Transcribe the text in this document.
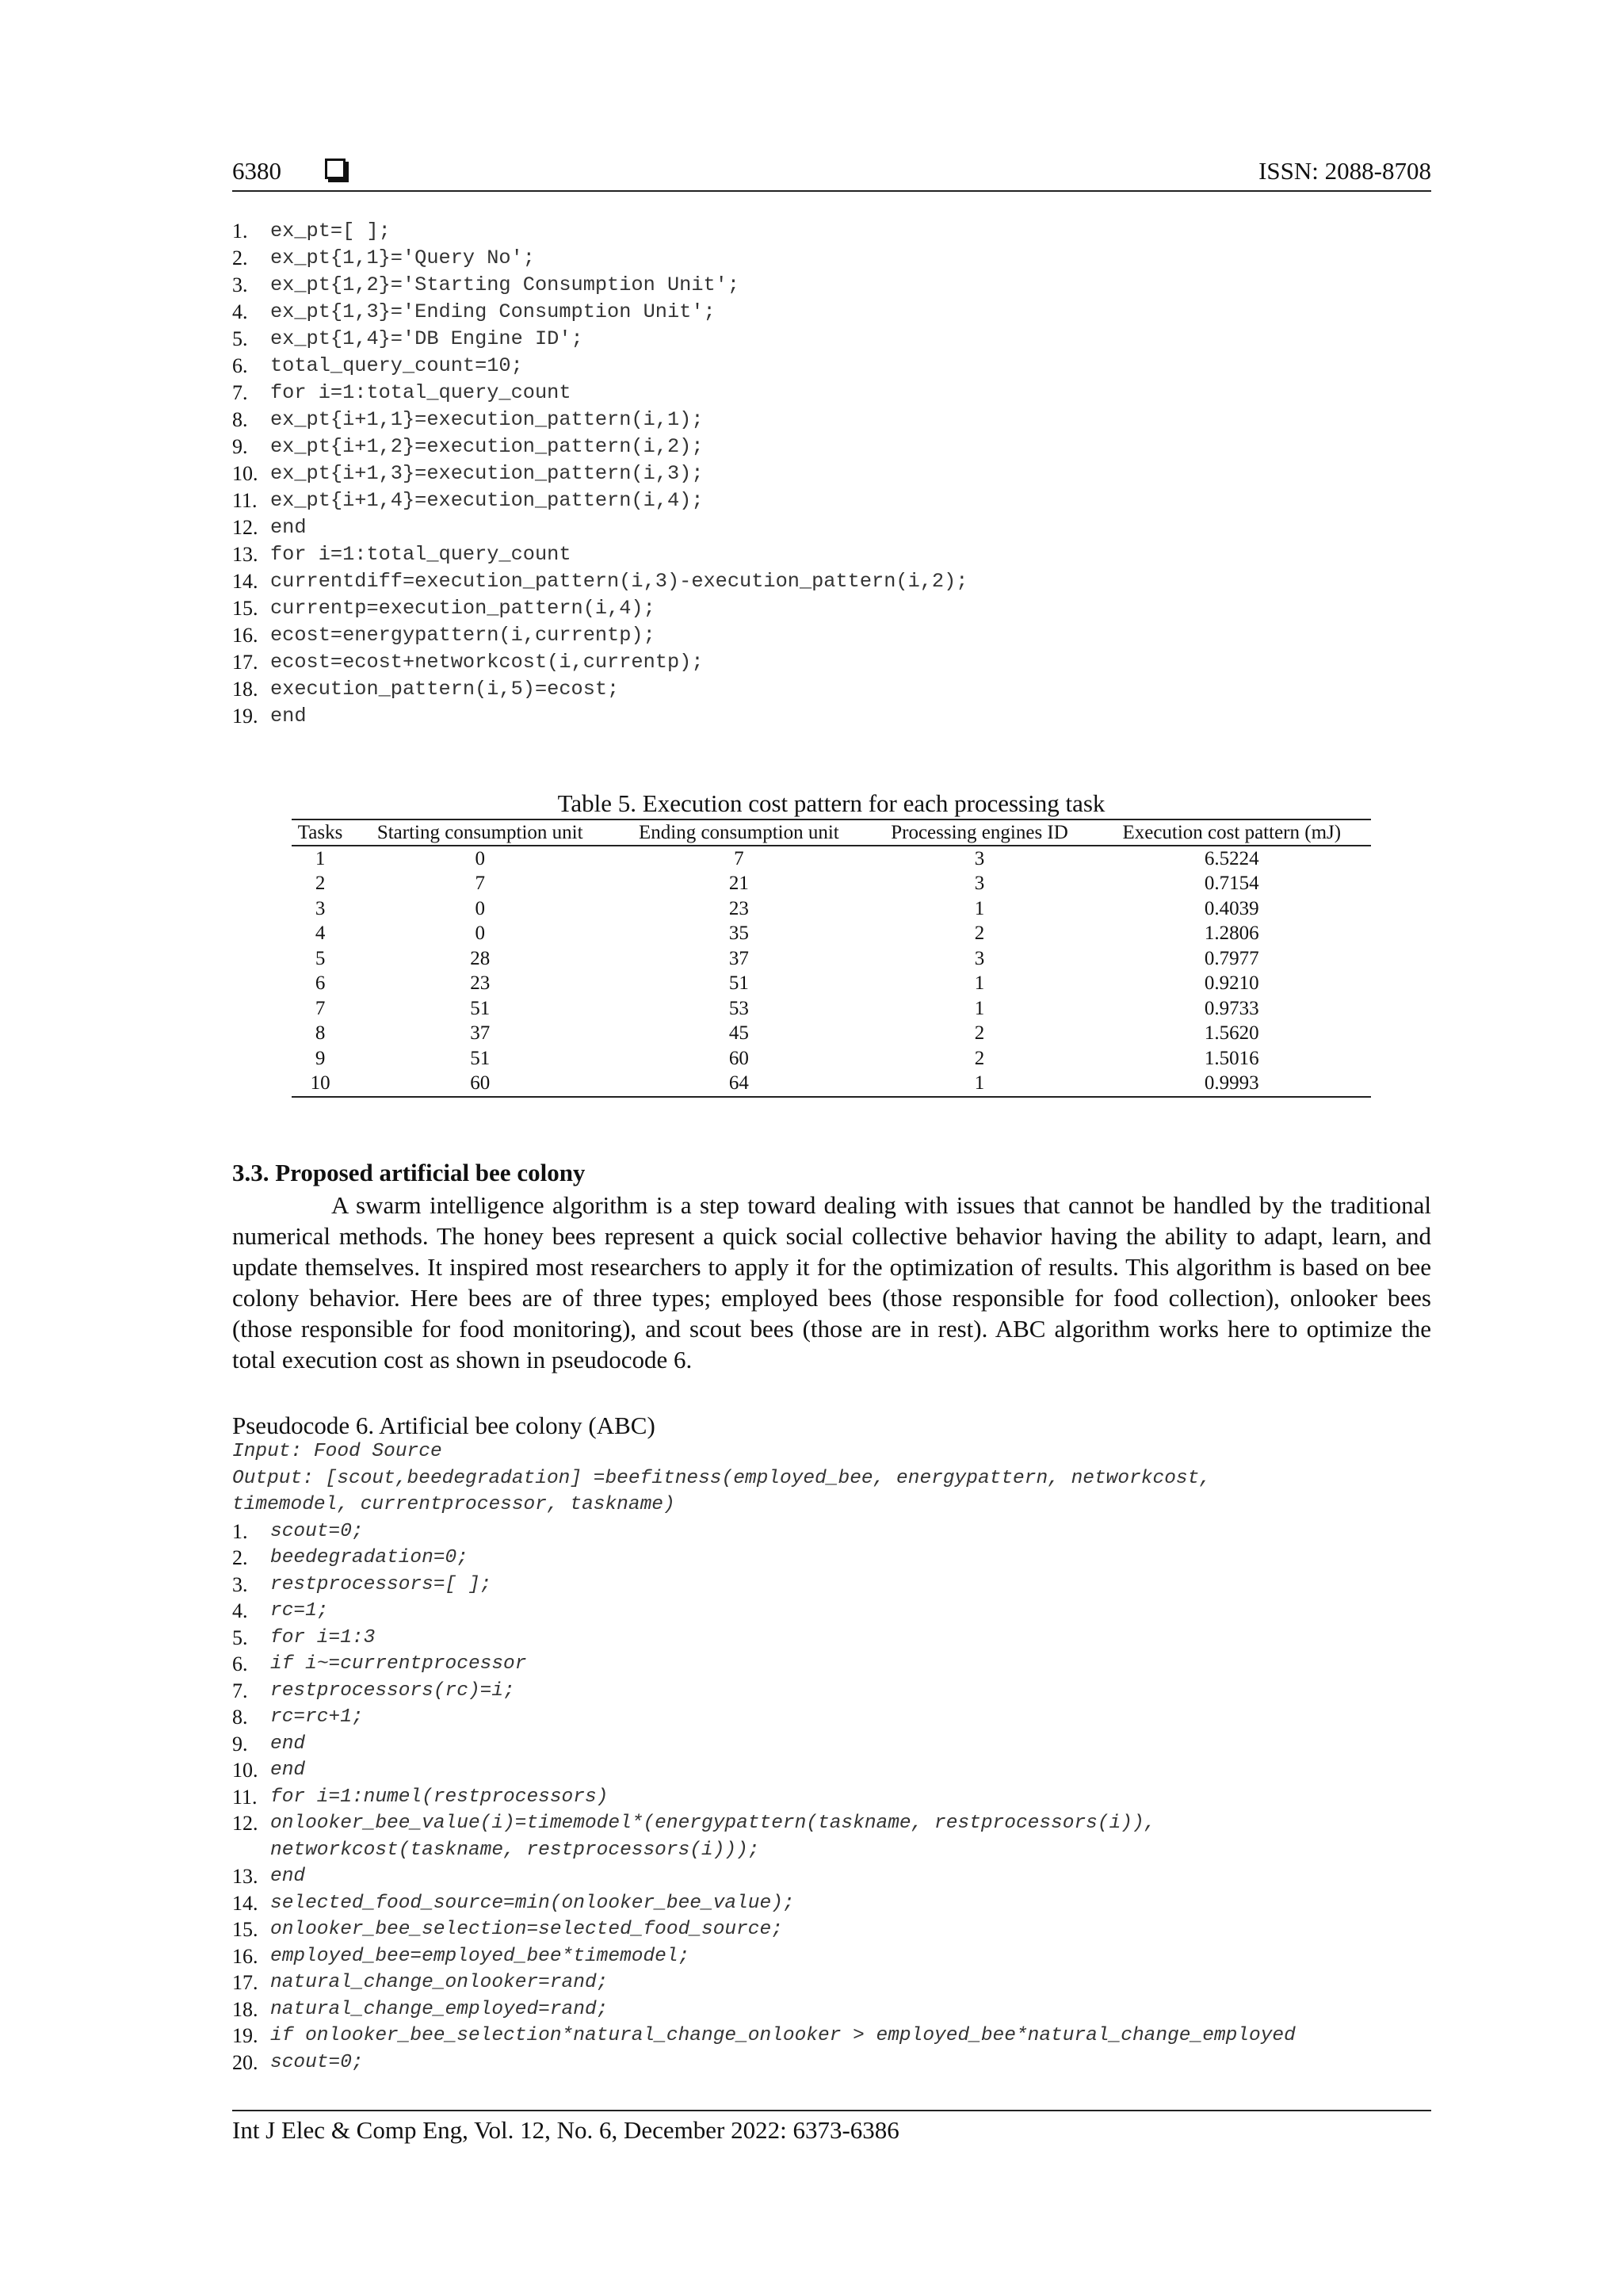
6380	ISSN: 2088-8708
1.	ex_pt=[ ];
2.	ex_pt{1,1}='Query No';
3.	ex_pt{1,2}='Starting Consumption Unit';
4.	ex_pt{1,3}='Ending Consumption Unit';
5.	ex_pt{1,4}='DB Engine ID';
6.	total_query_count=10;
7.	for i=1:total_query_count
8.	ex_pt{i+1,1}=execution_pattern(i,1);
9.	ex_pt{i+1,2}=execution_pattern(i,2);
10. ex_pt{i+1,3}=execution_pattern(i,3);
11. ex_pt{i+1,4}=execution_pattern(i,4);
12. end
13. for i=1:total_query_count
14. currentdiff=execution_pattern(i,3)-execution_pattern(i,2);
15. currentp=execution_pattern(i,4);
16. ecost=energypattern(i,currentp);
17. ecost=ecost+networkcost(i,currentp);
18. execution_pattern(i,5)=ecost;
19. end
Table 5. Execution cost pattern for each processing task
Tasks	Starting consumption unit	Ending consumption unit	Processing engines ID	Execution cost pattern (mJ)
1	0	7	3	6.5224
2	7	21	3	0.7154
3	0	23	1	0.4039
4	0	35	2	1.2806
5	28	37	3	0.7977
6	23	51	1	0.9210
7	51	53	1	0.9733
8	37	45	2	1.5620
9	51	60	2	1.5016
10	60	64	1	0.9993
3.3. Proposed artificial bee colony

A swarm intelligence algorithm is a step toward dealing with issues that cannot be handled by the traditional numerical methods. The honey bees represent a quick social collective behavior having the ability to adapt, learn, and update themselves. It inspired most researchers to apply it for the optimization of results. This algorithm is based on bee colony behavior. Here bees are of three types; employed bees (those responsible for food collection), onlooker bees (those responsible for food monitoring), and scout bees (those are in rest). ABC algorithm works here to optimize the total execution cost as shown in pseudocode 6.

Pseudocode 6. Artificial bee colony (ABC)
Input: Food Source
Output: [scout,beedegradation] =beefitness(employed_bee, energypattern, networkcost,
timemodel, currentprocessor, taskname)
1.	scout=0;
2.	beedegradation=0;
3.	restprocessors=[ ];
4.	rc=1;
5.	for i=1:3
6.	if i~=currentprocessor
7.	restprocessors(rc)=i;
8.	rc=rc+1;
9.	end
10. end
11. for i=1:numel(restprocessors)
12. onlooker_bee_value(i)=timemodel*(energypattern(taskname, restprocessors(i)),
networkcost(taskname, restprocessors(i)));
13. end
14. selected_food_source=min(onlooker_bee_value);
15. onlooker_bee_selection=selected_food_source;
16. employed_bee=employed_bee*timemodel;
17. natural_change_onlooker=rand;
18. natural_change_employed=rand;
19. if onlooker_bee_selection*natural_change_onlooker > employed_bee*natural_change_employed
20. scout=0;
Int J Elec & Comp Eng, Vol. 12, No. 6, December 2022: 6373-6386
